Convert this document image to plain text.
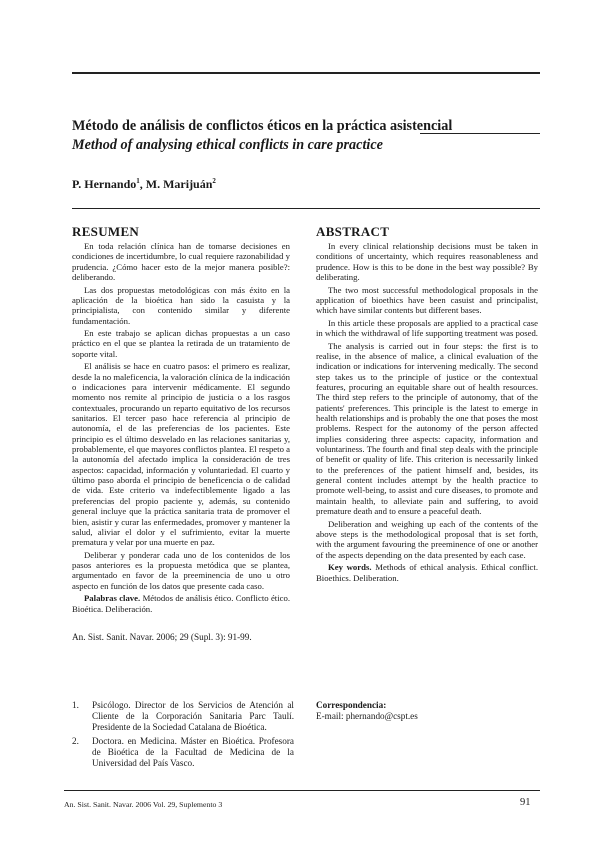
Método de análisis de conflictos éticos en la práctica asistencial
Method of analysing ethical conflicts in care practice
P. Hernando$^1$, M. Marijuán$^2$
RESUMEN

En toda relación clínica han de tomarse decisiones en condiciones de incertidumbre, lo cual requiere razonabilidad y prudencia. ¿Cómo hacer esto de la mejor manera posible?: deliberando.

Las dos propuestas metodológicas con más éxito en la aplicación de la bioética han sido la casuista y la principialista, con contenido similar y diferente fundamentación.

En este trabajo se aplican dichas propuestas a un caso práctico en el que se plantea la retirada de un tratamiento de soporte vital.

El análisis se hace en cuatro pasos: el primero es realizar, desde la no maleficencia, la valoración clínica de la indicación o indicaciones para intervenir médicamente. El segundo momento nos remite al principio de justicia o a los rasgos contextuales, procurando un reparto equitativo de los recursos sanitarios. El tercer paso hace referencia al principio de autonomía, el de las preferencias de los pacientes. Este principio es el último desvelado en las relaciones sanitarias y, probablemente, el que mayores conflictos plantea. El respeto a la autonomía del afectado implica la consideración de tres aspectos: capacidad, información y voluntariedad. El cuarto y último paso aborda el principio de beneficencia o de calidad de vida. Este criterio va indefectiblemente ligado a las preferencias del propio paciente y, además, su contenido general incluye que la práctica sanitaria trata de promover el bien, asistir y curar las enfermedades, promover y mantener la salud, aliviar el dolor y el sufrimiento, evitar la muerte prematura y velar por una muerte en paz.

Deliberar y ponderar cada uno de los contenidos de los pasos anteriores es la propuesta metódica que se plantea, argumentado en favor de la preeminencia de uno u otro aspecto en función de los datos que presente cada caso.

Palabras clave. Métodos de análisis ético. Conflicto ético. Bioética. Deliberación.

ABSTRACT

In every clinical relationship decisions must be taken in conditions of uncertainty, which requires reasonableness and prudence. How is this to be done in the best way possible? By deliberating.

The two most successful methodological proposals in the application of bioethics have been casuist and principalist, which have similar contents but different bases.

In this article these proposals are applied to a practical case in which the withdrawal of life supporting treatment was posed.

The analysis is carried out in four steps: the first is to realise, in the absence of malice, a clinical evaluation of the indication or indications for intervening medically. The second step takes us to the principle of justice or the contextual features, procuring an equitable share out of health resources. The third step refers to the principle of autonomy, that of the patients' preferences. This principle is the latest to emerge in health relationships and is probably the one that poses the most problems. Respect for the autonomy of the person affected implies considering three aspects: capacity, information and voluntariness. The fourth and final step deals with the principle of benefit or quality of life. This criterion is necessarily linked to the preferences of the patient himself and, besides, its general content includes attempt by the health practice to promote well-being, to assist and cure diseases, to promote and maintain health, to alleviate pain and suffering, to avoid premature death and to ensure a peaceful death.

Deliberation and weighing up each of the contents of the above steps is the methodological proposal that is set forth, with the argument favouring the preeminence of one or another of the aspects depending on the data presented by each case.

Key words. Methods of ethical analysis. Ethical conflict. Bioethics. Deliberation.

An. Sist. Sanit. Navar. 2006; 29 (Supl. 3): 91-99.
1.	Psicólogo. Director de los Servicios de Atención al Cliente de la Corporación Sanitaria Parc Taulí. Presidente de la Sociedad Catalana de Bioética.
2.	Doctora. en Medicina. Máster en Bioética. Profesora de Bioética de la Facultad de Medicina de la Universidad del País Vasco.
Correspondencia:
E-mail: phernando@cspt.es
An. Sist. Sanit. Navar. 2006 Vol. 29, Suplemento 3	91
